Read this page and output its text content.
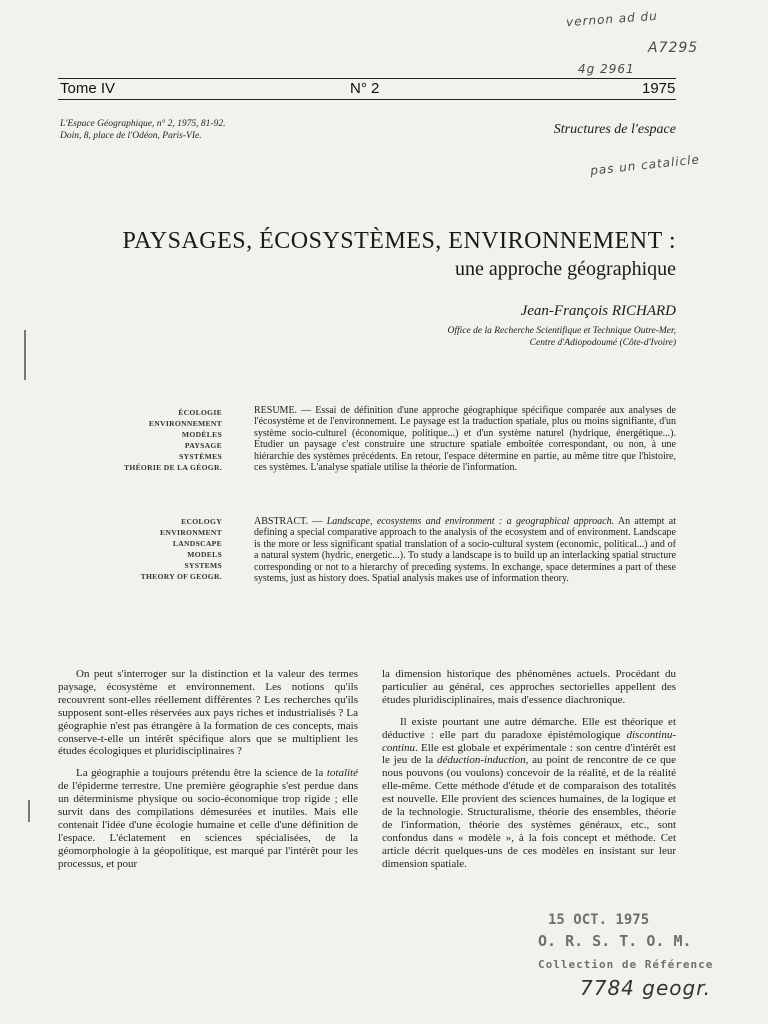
vernon ad du
A7295
4g 2961
pas un catalicle
Tome IV	N° 2	1975
L'Espace Géographique, n° 2, 1975, 81-92.
Doin, 8, place de l'Odéon, Paris-VIe.	Structures de l'espace
PAYSAGES, ÉCOSYSTÈMES, ENVIRONNEMENT :
une approche géographique
Jean-François RICHARD
Office de la Recherche Scientifique et Technique Outre-Mer,
Centre d'Adiopodoumé (Côte-d'Ivoire)
ÉCOLOGIE
ENVIRONNEMENT
MODÈLES
PAYSAGE
SYSTÈMES
THÉORIE DE LA GÉOGR.
RESUME. — Essai de définition d'une approche géographique spécifique comparée aux analyses de l'écosystème et de l'environnement. Le paysage est la traduction spatiale, plus ou moins signifiante, d'un système socio-culturel (économique, politique...) et d'un système naturel (hydrique, énergétique...). Etudier un paysage c'est construire une structure spatiale emboîtée correspondant, ou non, à une hiérarchie des systèmes précédents. En retour, l'espace détermine en partie, au même titre que l'histoire, ces systèmes. L'analyse spatiale utilise la théorie de l'information.
ECOLOGY
ENVIRONMENT
LANDSCAPE
MODELS
SYSTEMS
THEORY OF GEOGR.
ABSTRACT. — Landscape, ecosystems and environment : a geographical approach. An attempt at defining a special comparative approach to the analysis of the ecosystem and of environment. Landscape is the more or less significant spatial translation of a socio-cultural system (economic, political...) and of a natural system (hydric, energetic...). To study a landscape is to build up an interlacking spatial structure corresponding or not to a hierarchy of preceding systems. In exchange, space determines a part of these systems, just as history does. Spatial analysis makes use of information theory.

On peut s'interroger sur la distinction et la valeur des termes paysage, écosystème et environnement. Les notions qu'ils recouvrent sont-elles réellement différentes ? Les recherches qu'ils supposent sont-elles réservées aux pays riches et industrialisés ? La géographie n'est pas étrangère à la formation de ces concepts, mais conserve-t-elle un intérêt spécifique alors que se multiplient les études écologiques et pluridisciplinaires ?

La géographie a toujours prétendu être la science de la totalité de l'épiderme terrestre. Une première géographie s'est perdue dans un déterminisme physique ou socio-économique trop rigide ; elle survit dans des compilations démesurées et inutiles. Mais elle contenait l'idée d'une écologie humaine et celle d'une définition de l'espace. L'éclatement en sciences spécialisées, de la géomorphologie à la géopolitique, est marqué par l'intérêt pour les processus, et pour

la dimension historique des phénomènes actuels. Procédant du particulier au général, ces approches sectorielles appellent des études pluridisciplinaires, mais d'essence diachronique.

Il existe pourtant une autre démarche. Elle est théorique et déductive : elle part du paradoxe épistémologique discontinu-continu. Elle est globale et expérimentale : son centre d'intérêt est le jeu de la déduction-induction, au point de rencontre de ce que nous pouvons (ou voulons) concevoir de la réalité, et de la réalité elle-même. Cette méthode d'étude et de comparaison des totalités est nouvelle. Elle provient des sciences humaines, de la logique et de la technologie. Structuralisme, théorie des ensembles, théorie de l'information, théorie des systèmes généraux, etc., sont confondus dans « modèle », à la fois concept et méthode. Cet article décrit quelques-uns de ces modèles en insistant sur leur dimension spatiale.

15 OCT. 1975
O. R. S. T. O. M.
Collection de Référence
7784 geogr.
